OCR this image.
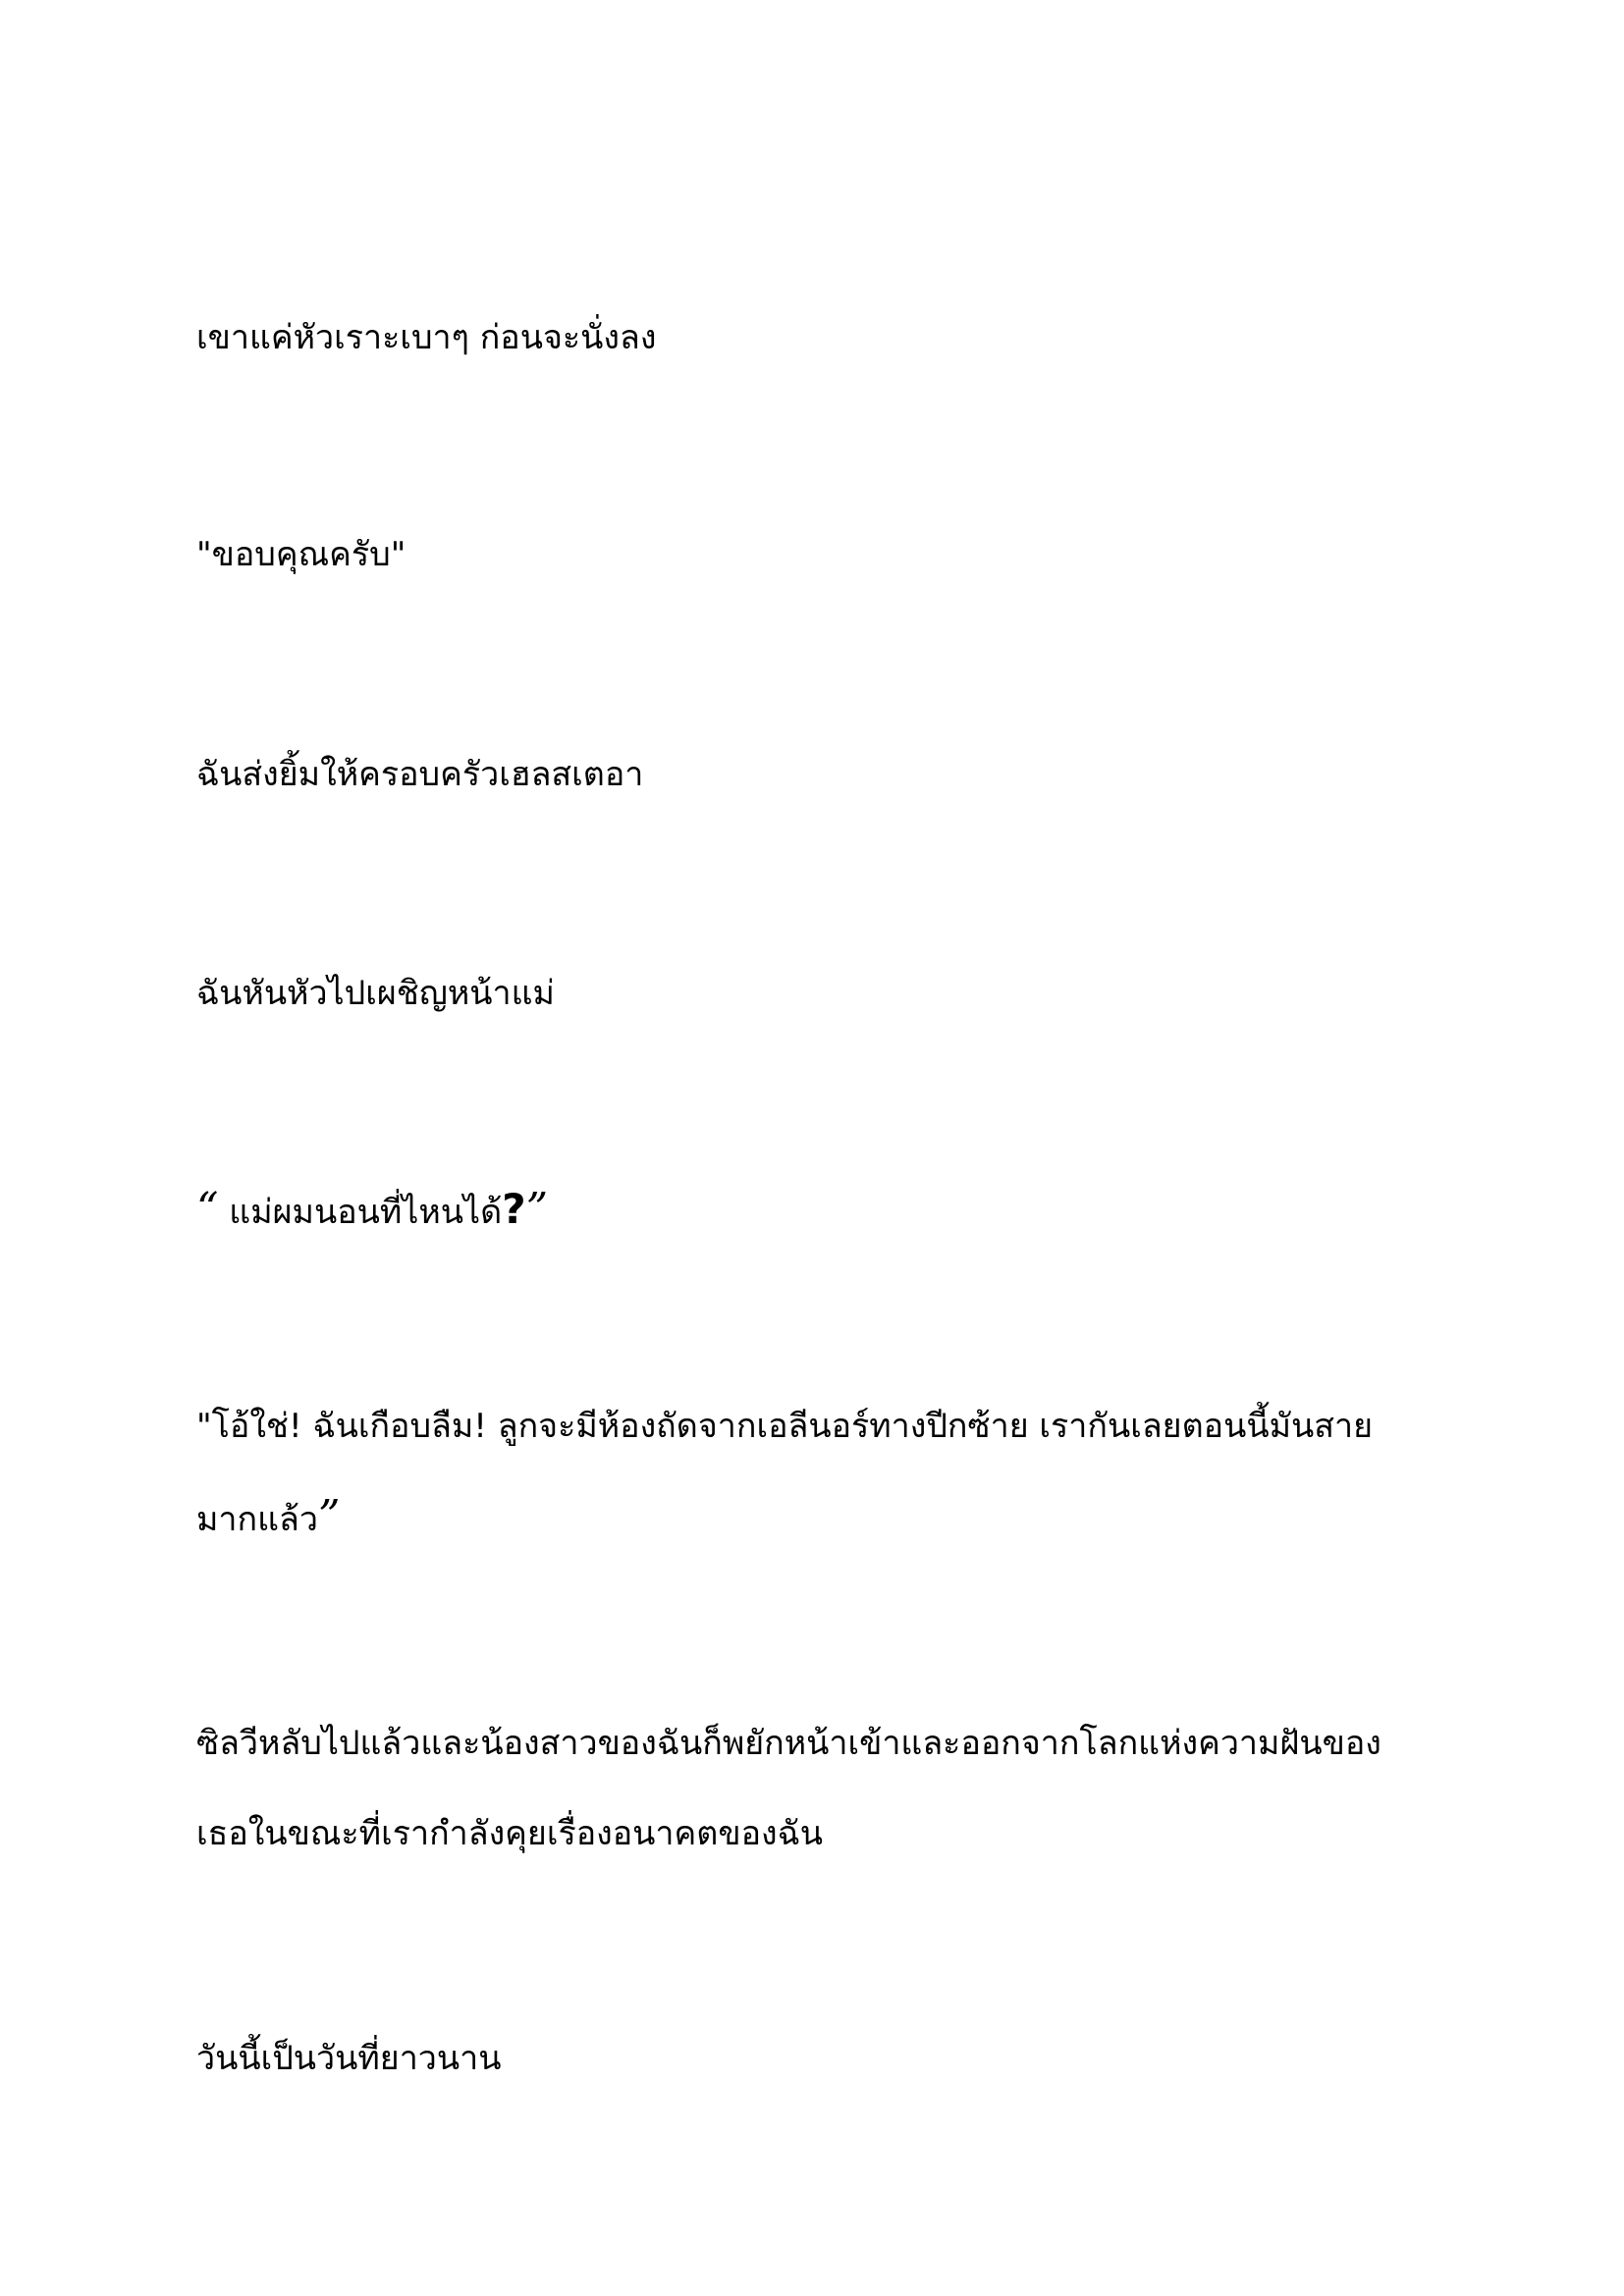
เขาแค่หัวเราะเบาๆ ก่อนจะนั่งลง

"ขอบคุณครับ"

ฉันส่งยิ้มให้ครอบครัวเฮลสเตอา

ฉันหันหัวไปเผชิญหน้าแม่

“ แม่ผมนอนที่ไหนได้?”

"โอ้ใช่! ฉันเกือบลืม! ลูกจะมีห้องถัดจากเอลีนอร์ทางปีกซ้าย เรากันเลยตอนนี้มันสาย
มากแล้ว”

ซิลวีหลับไปแล้วและน้องสาวของฉันก็พยักหน้าเข้าและออกจากโลกแห่งความฝันของ
เธอในขณะที่เรากำลังคุยเรื่องอนาคตของฉัน

วันนี้เป็นวันที่ยาวนาน
